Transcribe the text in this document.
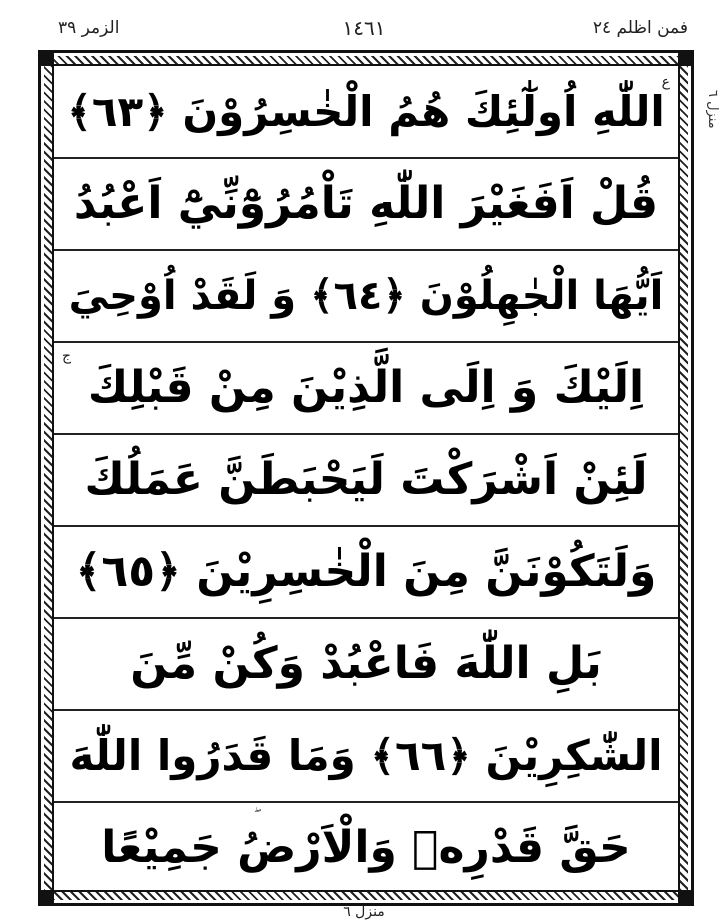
الزمر ٣٩	١٤٦١	فمن اظلم ٢٤
منزل ٦
اللّٰهِ اُولٰٓئِكَ هُمُ الْخٰسِرُوْنَ ﴿٦٣﴾
قُلْ اَفَغَيْرَ اللّٰهِ تَاْمُرُوْٓنِّيْٓ اَعْبُدُ
اَيُّهَا الْجٰهِلُوْنَ ﴿٦٤﴾ وَ لَقَدْ اُوْحِيَ
اِلَيْكَ وَ اِلَى الَّذِيْنَ مِنْ قَبْلِكَ
لَئِنْ اَشْرَكْتَ لَيَحْبَطَنَّ عَمَلُكَ
وَلَتَكُوْنَنَّ مِنَ الْخٰسِرِيْنَ ﴿٦٥﴾
بَلِ اللّٰهَ فَاعْبُدْ وَكُنْ مِّنَ
الشّٰكِرِيْنَ ﴿٦٦﴾ وَمَا قَدَرُوا اللّٰهَ
حَقَّ قَدْرِهٖ وَالْاَرْضُ جَمِيْعًا
ع
ج
منزل ٦
